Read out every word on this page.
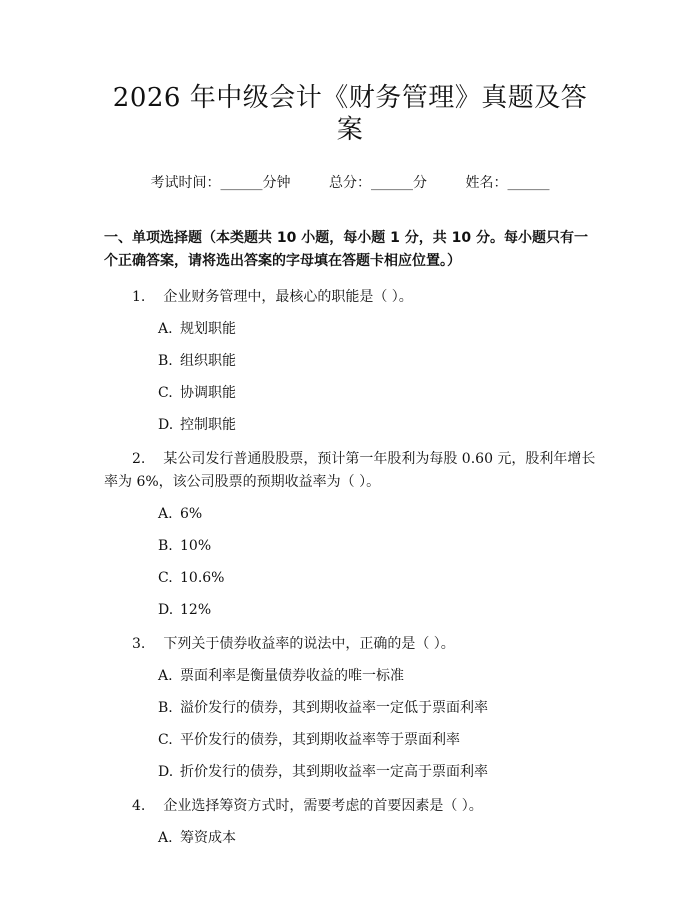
2026 年中级会计《财务管理》真题及答案
考试时间：______分钟	总分：______分	姓名：______
一、单项选择题（本类题共 10 小题，每小题 1 分，共 10 分。每小题只有一个正确答案，请将选出答案的字母填在答题卡相应位置。）
1. 企业财务管理中，最核心的职能是（ ）。
A. 规划职能
B. 组织职能
C. 协调职能
D. 控制职能
2. 某公司发行普通股股票，预计第一年股利为每股 0.60 元，股利年增长率为 6%，该公司股票的预期收益率为（ ）。
A. 6%
B. 10%
C. 10.6%
D. 12%
3. 下列关于债券收益率的说法中，正确的是（ ）。
A. 票面利率是衡量债券收益的唯一标准
B. 溢价发行的债券，其到期收益率一定低于票面利率
C. 平价发行的债券，其到期收益率等于票面利率
D. 折价发行的债券，其到期收益率一定高于票面利率
4. 企业选择筹资方式时，需要考虑的首要因素是（ ）。
A. 筹资成本
